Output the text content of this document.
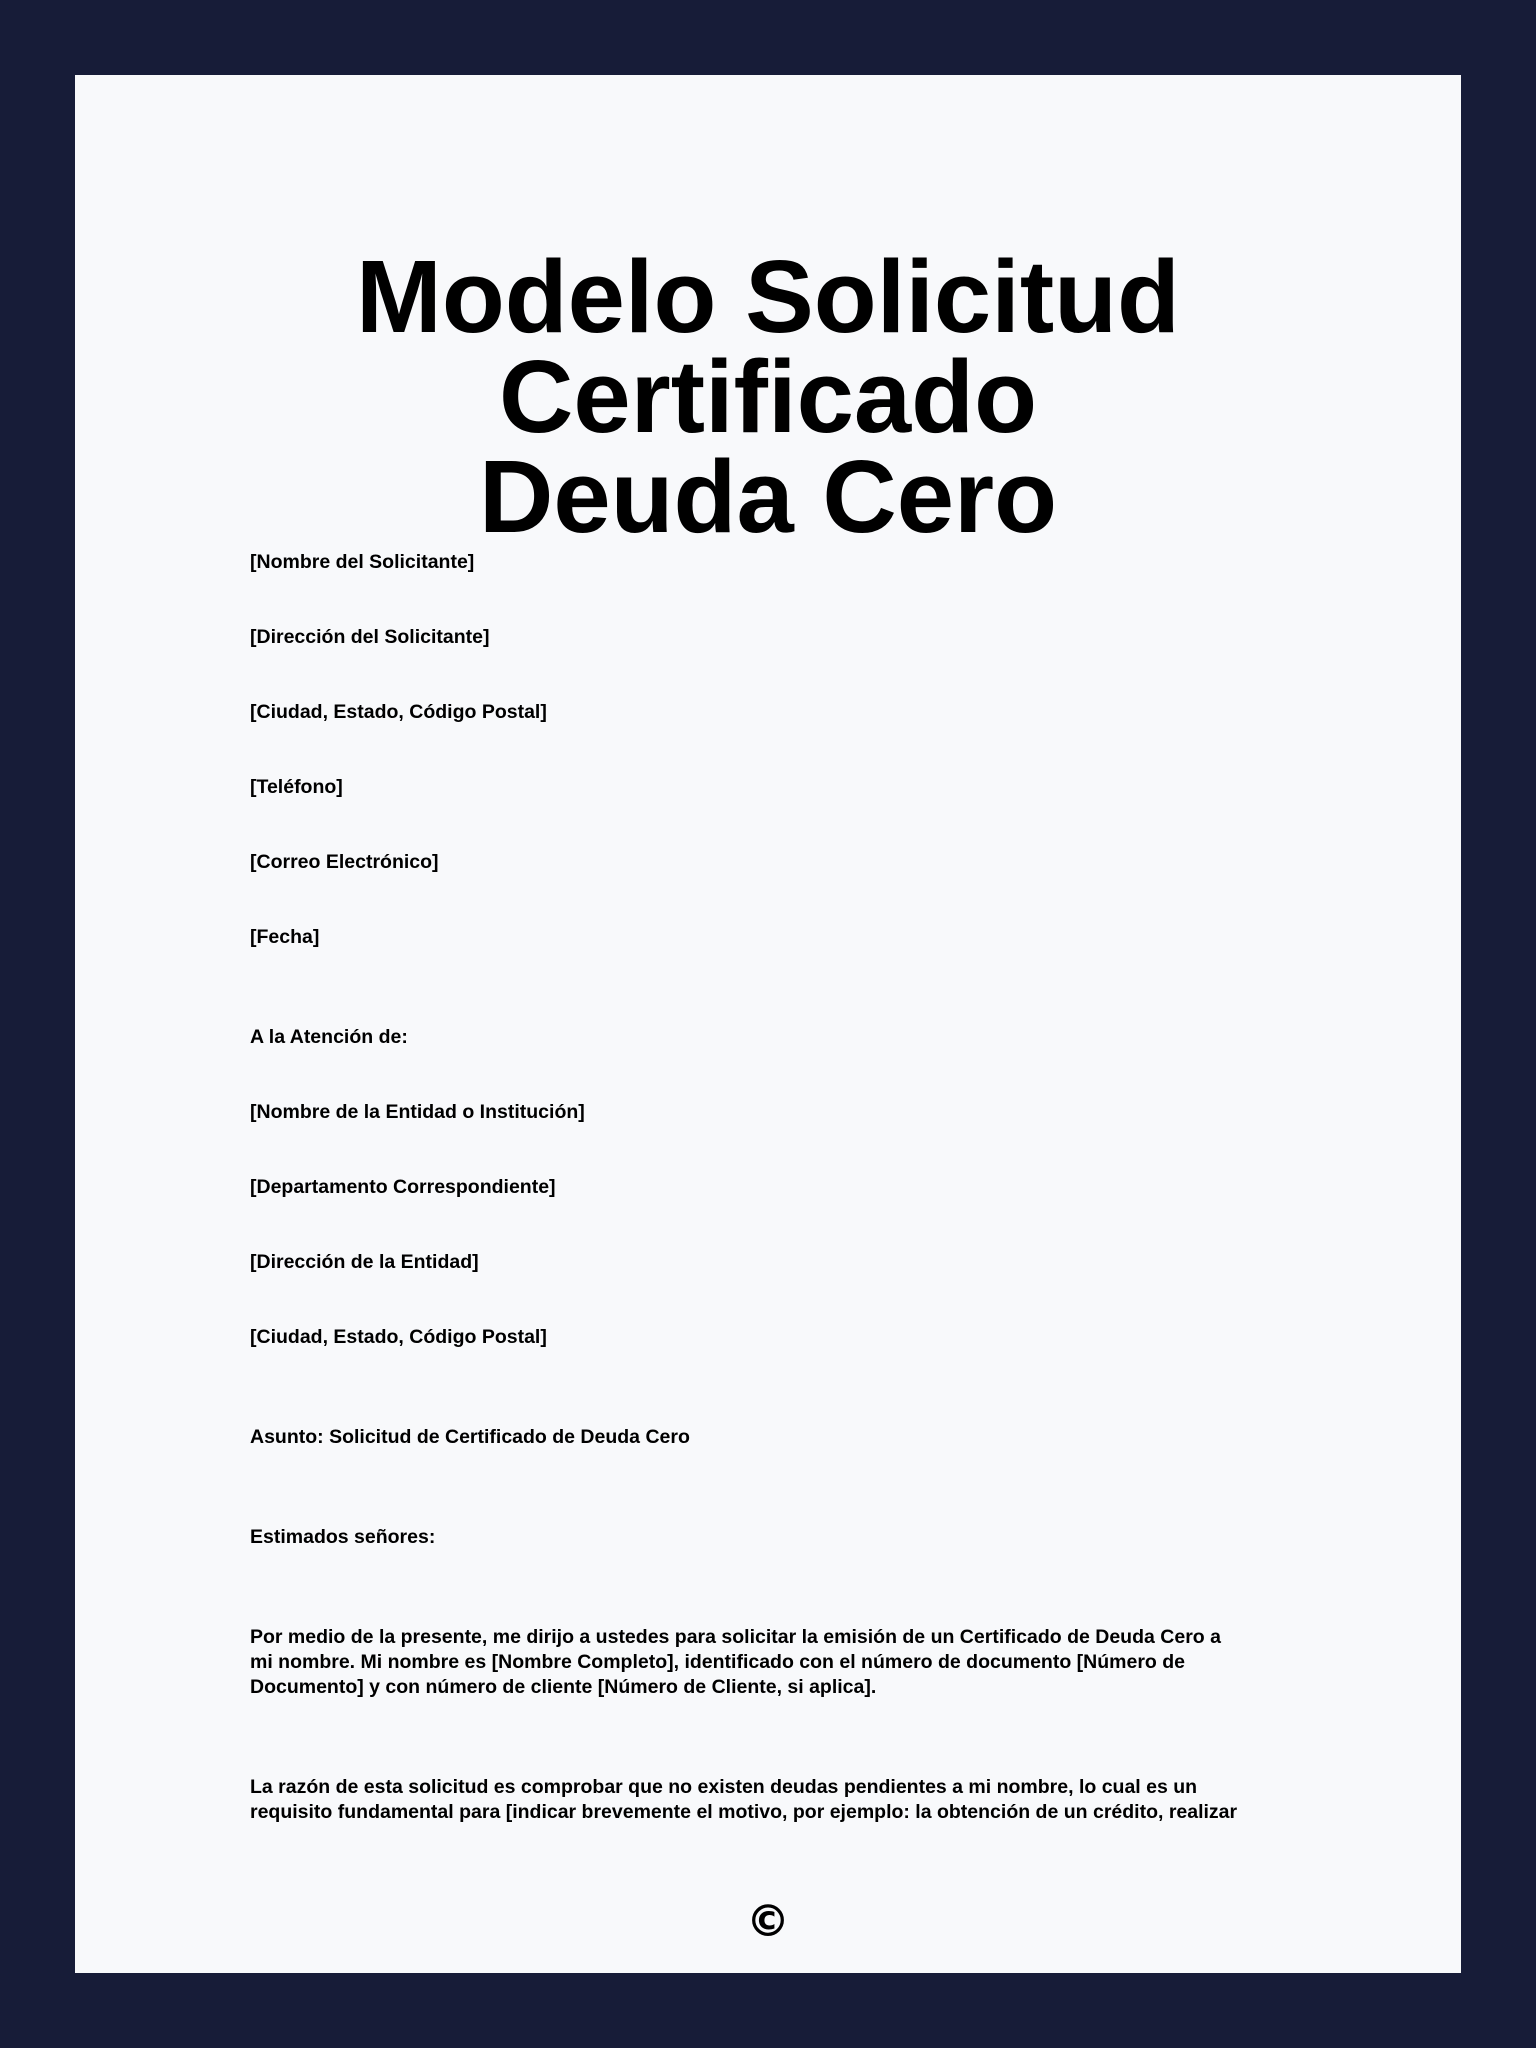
Modelo Solicitud Certificado
Deuda Cero

[Nombre del Solicitante]

[Dirección del Solicitante]

[Ciudad, Estado, Código Postal]

[Teléfono]

[Correo Electrónico]

[Fecha]

A la Atención de:

[Nombre de la Entidad o Institución]

[Departamento Correspondiente]

[Dirección de la Entidad]

[Ciudad, Estado, Código Postal]

Asunto: Solicitud de Certificado de Deuda Cero

Estimados señores:

Por medio de la presente, me dirijo a ustedes para solicitar la emisión de un Certificado de Deuda Cero a
mi nombre. Mi nombre es [Nombre Completo], identificado con el número de documento [Número de
Documento] y con número de cliente [Número de Cliente, si aplica].
La razón de esta solicitud es comprobar que no existen deudas pendientes a mi nombre, lo cual es un
requisito fundamental para [indicar brevemente el motivo, por ejemplo: la obtención de un crédito, realizar
©
